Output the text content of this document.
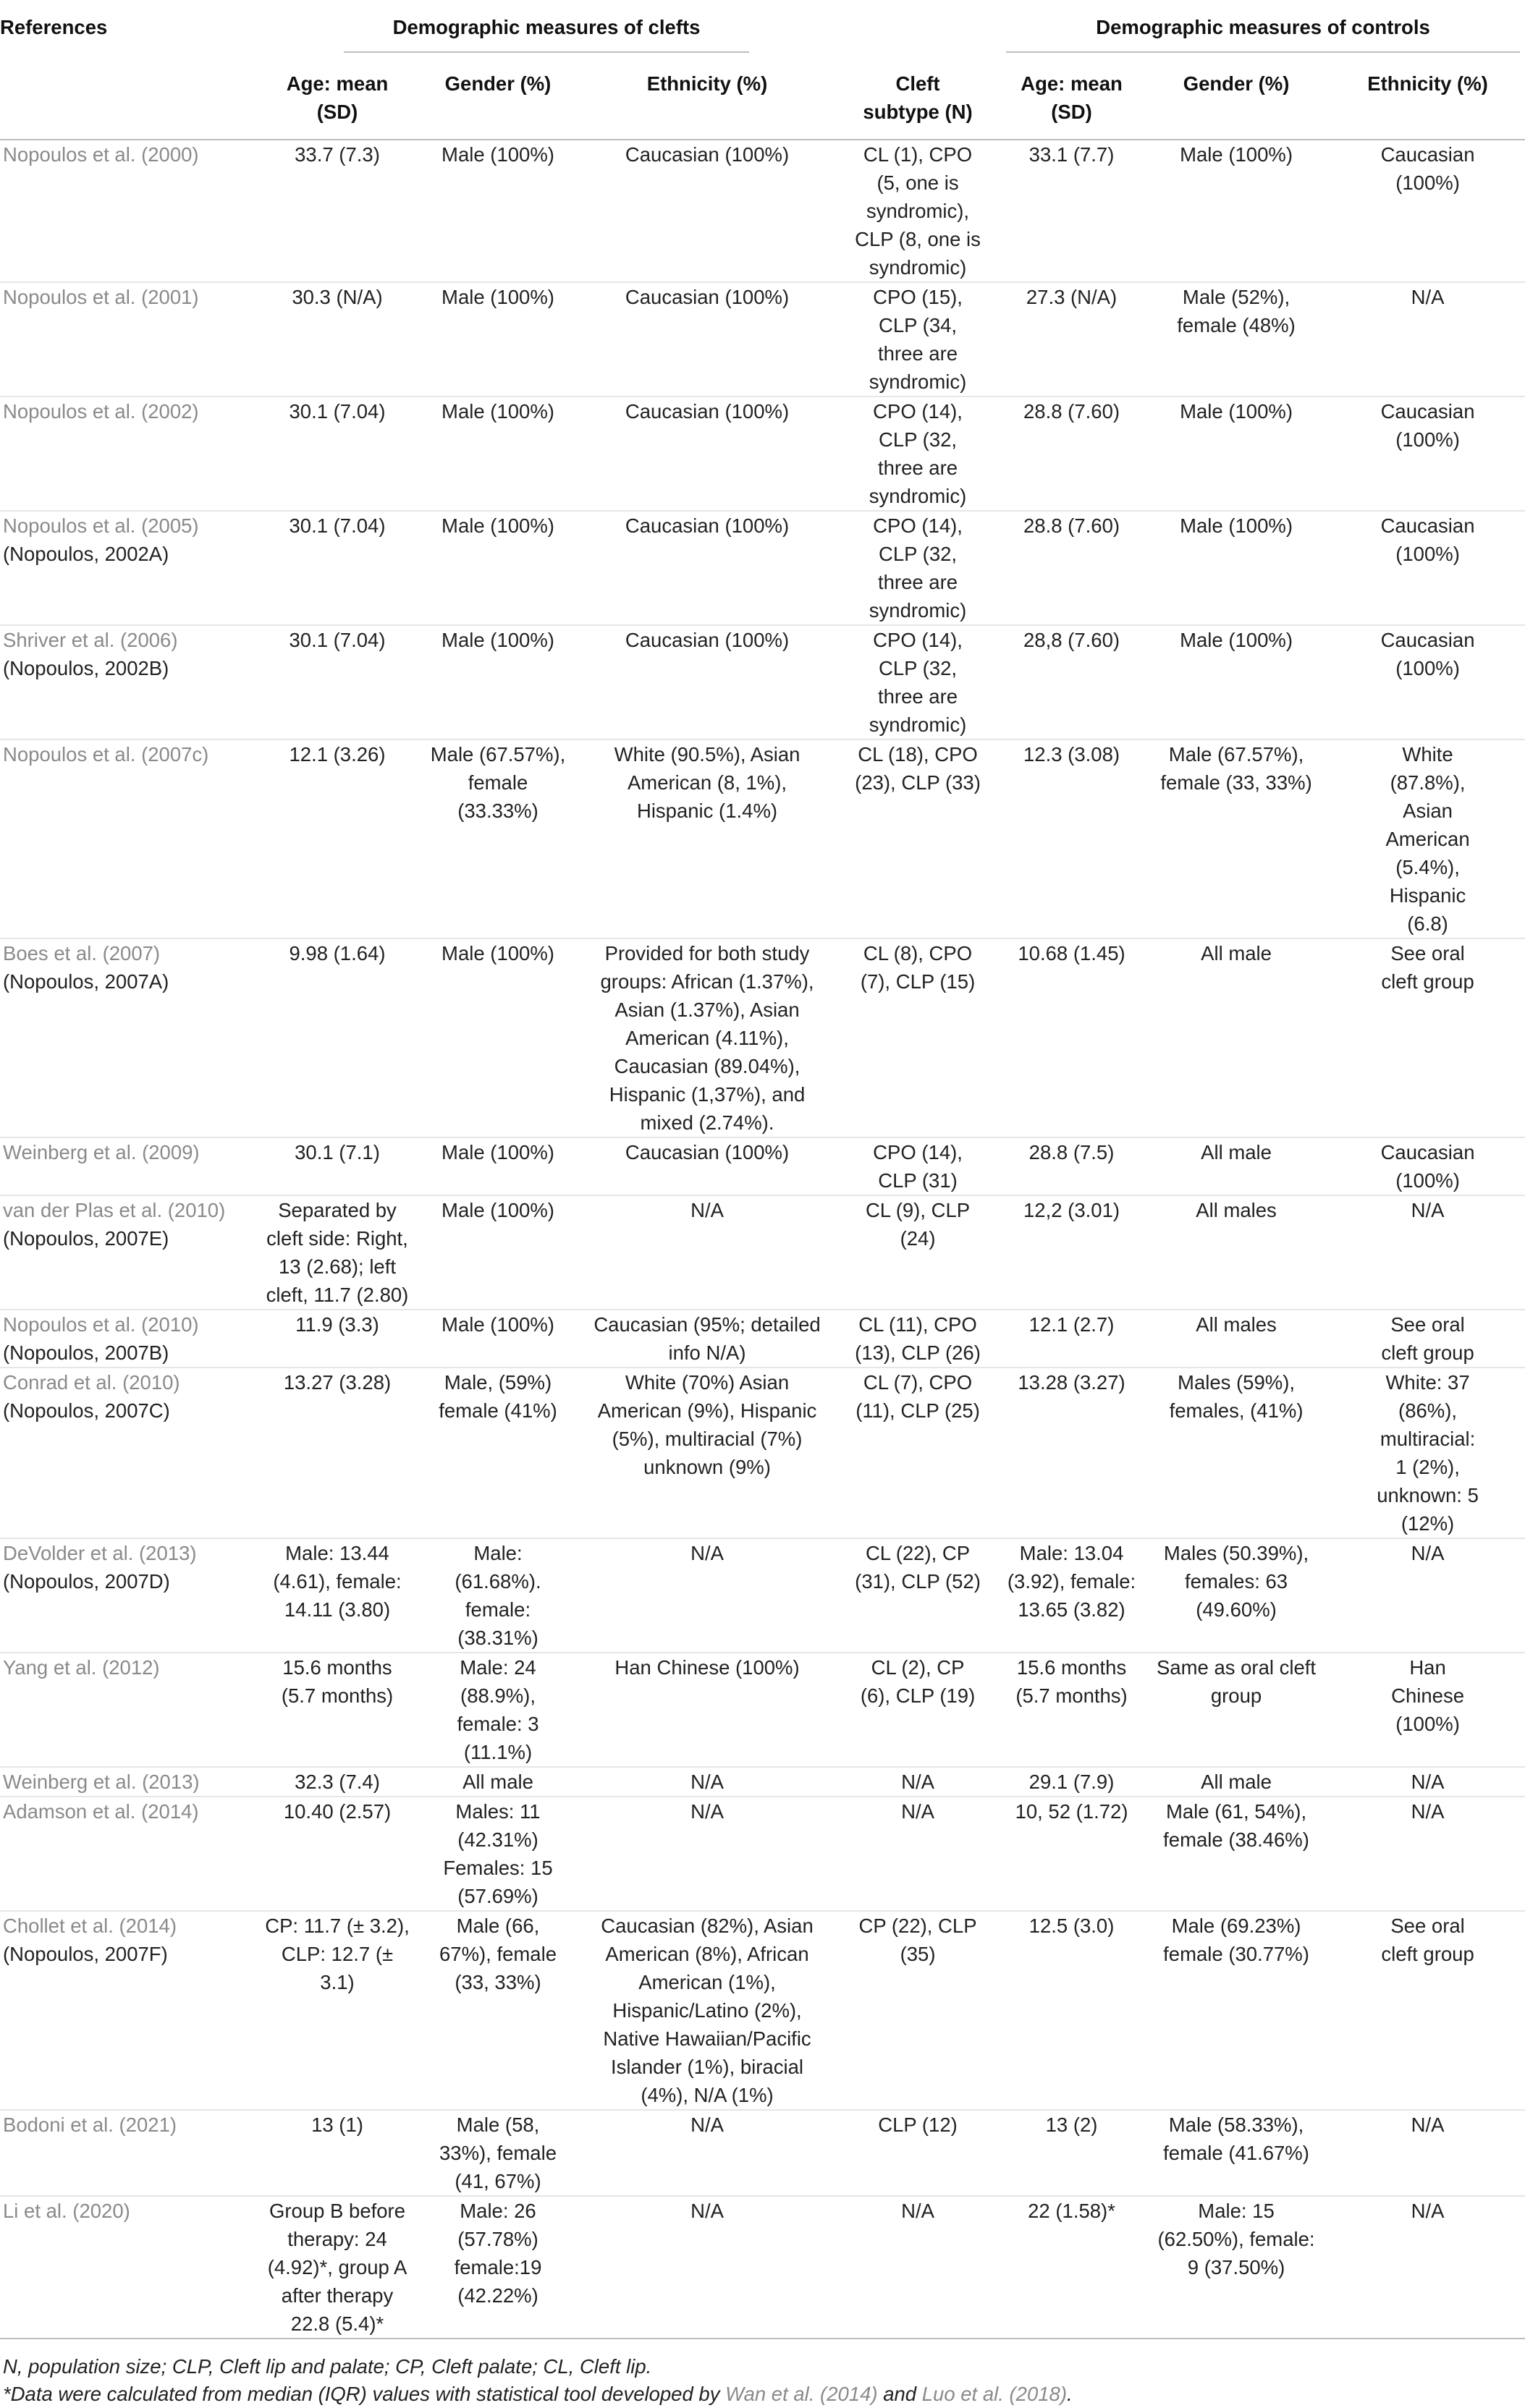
References	Demographic measures of clefts				Demographic measures of controls		

	Age: mean (SD)	Gender (%)	Ethnicity (%)	Cleft subtype (N)	Age: mean (SD)	Gender (%)	Ethnicity (%)

Nopoulos et al. (2000)	33.7 (7.3)	Male (100%)	Caucasian (100%)	CL (1), CPO (5, one is syndromic), CLP (8, one is syndromic)	33.1 (7.7)	Male (100%)	Caucasian (100%)

Nopoulos et al. (2001)	30.3 (N/A)	Male (100%)	Caucasian (100%)	CPO (15), CLP (34, three are syndromic)	27.3 (N/A)	Male (52%), female (48%)	N/A

Nopoulos et al. (2002)	30.1 (7.04)	Male (100%)	Caucasian (100%)	CPO (14), CLP (32, three are syndromic)	28.8 (7.60)	Male (100%)	Caucasian (100%)

Nopoulos et al. (2005)
(Nopoulos, 2002A)	30.1 (7.04)	Male (100%)	Caucasian (100%)	CPO (14), CLP (32, three are syndromic)	28.8 (7.60)	Male (100%)	Caucasian (100%)

Shriver et al. (2006)
(Nopoulos, 2002B)	30.1 (7.04)	Male (100%)	Caucasian (100%)	CPO (14), CLP (32, three are syndromic)	28,8 (7.60)	Male (100%)	Caucasian (100%)

Nopoulos et al. (2007c)	12.1 (3.26)	Male (67.57%), female (33.33%)	White (90.5%), Asian American (8, 1%), Hispanic (1.4%)	CL (18), CPO (23), CLP (33)	12.3 (3.08)	Male (67.57%), female (33, 33%)	White (87.8%), Asian American (5.4%), Hispanic (6.8)

Boes et al. (2007)
(Nopoulos, 2007A)	9.98 (1.64)	Male (100%)	Provided for both study groups: African (1.37%), Asian (1.37%), Asian American (4.11%), Caucasian (89.04%), Hispanic (1,37%), and mixed (2.74%).	CL (8), CPO (7), CLP (15)	10.68 (1.45)	All male	See oral cleft group

Weinberg et al. (2009)	30.1 (7.1)	Male (100%)	Caucasian (100%)	CPO (14), CLP (31)	28.8 (7.5)	All male	Caucasian (100%)

van der Plas et al. (2010)
(Nopoulos, 2007E)	Separated by cleft side: Right, 13 (2.68); left cleft, 11.7 (2.80)	Male (100%)	N/A	CL (9), CLP (24)	12,2 (3.01)	All males	N/A

Nopoulos et al. (2010)
(Nopoulos, 2007B)	11.9 (3.3)	Male (100%)	Caucasian (95%; detailed info N/A)	CL (11), CPO (13), CLP (26)	12.1 (2.7)	All males	See oral cleft group

Conrad et al. (2010)
(Nopoulos, 2007C)	13.27 (3.28)	Male, (59%) female (41%)	White (70%) Asian American (9%), Hispanic (5%), multiracial (7%) unknown (9%)	CL (7), CPO (11), CLP (25)	13.28 (3.27)	Males (59%), females, (41%)	White: 37 (86%), multiracial: 1 (2%), unknown: 5 (12%)

DeVolder et al. (2013)
(Nopoulos, 2007D)	Male: 13.44 (4.61), female: 14.11 (3.80)	Male: (61.68%). female: (38.31%)	N/A	CL (22), CP (31), CLP (52)	Male: 13.04 (3.92), female: 13.65 (3.82)	Males (50.39%), females: 63 (49.60%)	N/A

Yang et al. (2012)	15.6 months (5.7 months)	Male: 24 (88.9%), female: 3 (11.1%)	Han Chinese (100%)	CL (2), CP (6), CLP (19)	15.6 months (5.7 months)	Same as oral cleft group	Han Chinese (100%)

Weinberg et al. (2013)	32.3 (7.4)	All male	N/A	N/A	29.1 (7.9)	All male	N/A

Adamson et al. (2014)	10.40 (2.57)	Males: 11 (42.31%) Females: 15 (57.69%)	N/A	N/A	10, 52 (1.72)	Male (61, 54%), female (38.46%)	N/A

Chollet et al. (2014)
(Nopoulos, 2007F)	CP: 11.7 (± 3.2), CLP: 12.7 (± 3.1)	Male (66, 67%), female (33, 33%)	Caucasian (82%), Asian American (8%), African American (1%), Hispanic/Latino (2%), Native Hawaiian/Pacific Islander (1%), biracial (4%), N/A (1%)	CP (22), CLP (35)	12.5 (3.0)	Male (69.23%) female (30.77%)	See oral cleft group

Bodoni et al. (2021)	13 (1)	Male (58, 33%), female (41, 67%)	N/A	CLP (12)	13 (2)	Male (58.33%), female (41.67%)	N/A

Li et al. (2020)	Group B before therapy: 24 (4.92)*, group A after therapy 22.8 (5.4)*	Male: 26 (57.78%) female:19 (42.22%)	N/A	N/A	22 (1.58)*	Male: 15 (62.50%), female: 9 (37.50%)	N/A
N, population size; CLP, Cleft lip and palate; CP, Cleft palate; CL, Cleft lip.
*Data were calculated from median (IQR) values with statistical tool developed by Wan et al. (2014) and Luo et al. (2018).
